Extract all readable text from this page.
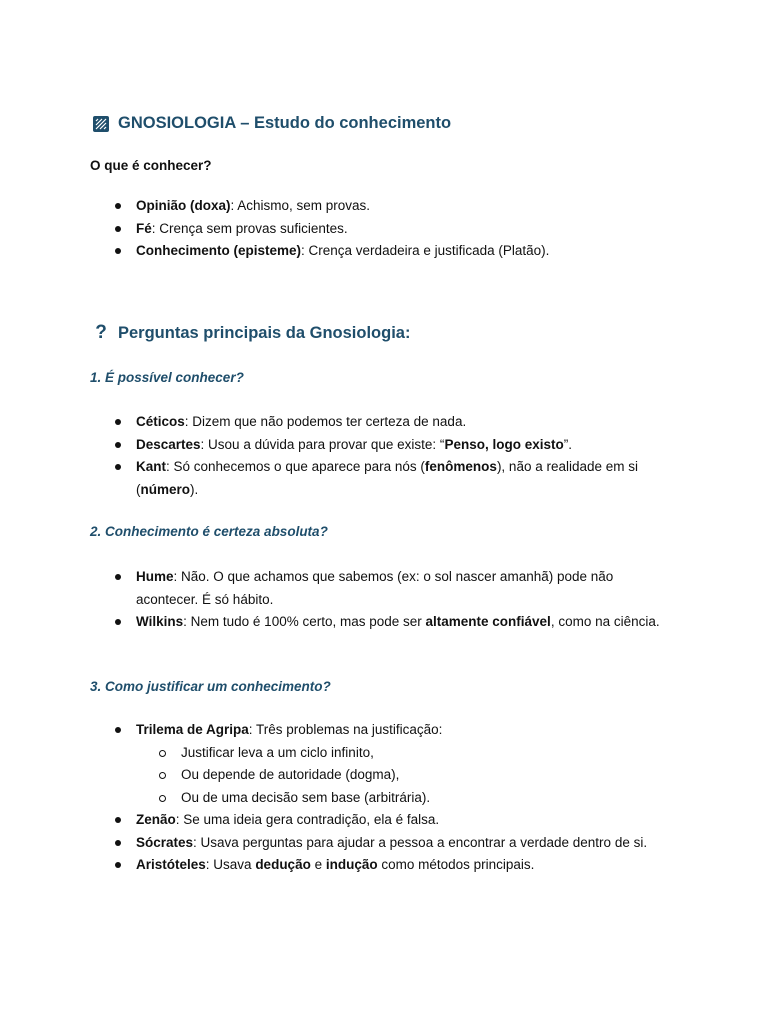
GNOSIOLOGIA – Estudo do conhecimento
O que é conhecer?
Opinião (doxa): Achismo, sem provas.
Fé: Crença sem provas suficientes.
Conhecimento (episteme): Crença verdadeira e justificada (Platão).
? Perguntas principais da Gnosiologia:
1. É possível conhecer?
Céticos: Dizem que não podemos ter certeza de nada.
Descartes: Usou a dúvida para provar que existe: “Penso, logo existo”.
Kant: Só conhecemos o que aparece para nós (fenômenos), não a realidade em si (número).
2. Conhecimento é certeza absoluta?
Hume: Não. O que achamos que sabemos (ex: o sol nascer amanhã) pode não acontecer. É só hábito.
Wilkins: Nem tudo é 100% certo, mas pode ser altamente confiável, como na ciência.
3. Como justificar um conhecimento?
Trilema de Agripa: Três problemas na justificação:
Justificar leva a um ciclo infinito,
Ou depende de autoridade (dogma),
Ou de uma decisão sem base (arbitrária).
Zenão: Se uma ideia gera contradição, ela é falsa.
Sócrates: Usava perguntas para ajudar a pessoa a encontrar a verdade dentro de si.
Aristóteles: Usava dedução e indução como métodos principais.
